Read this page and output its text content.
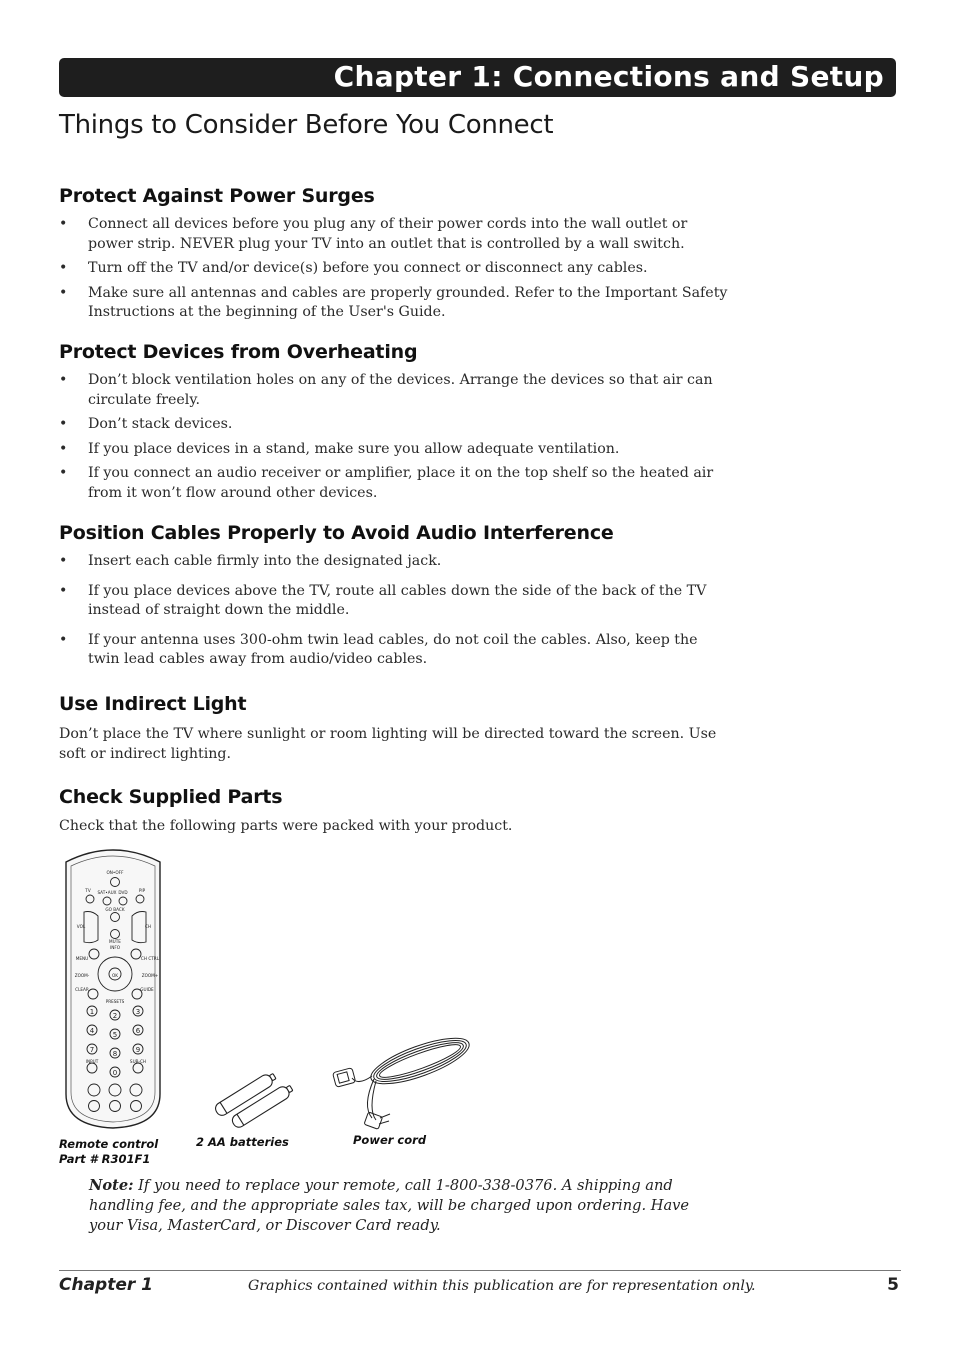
Chapter 1: Connections and Setup
Things to Consider Before You Connect
Protect Against Power Surges
• Connect all devices before you plug any of their power cords into the wall outlet or power strip. NEVER plug your TV into an outlet that is controlled by a wall switch.
• Turn off the TV and/or device(s) before you connect or disconnect any cables.
• Make sure all antennas and cables are properly grounded. Refer to the Important Safety Instructions at the beginning of the User's Guide.
Protect Devices from Overheating
• Don’t block ventilation holes on any of the devices. Arrange the devices so that air can circulate freely.
• Don’t stack devices.
• If you place devices in a stand, make sure you allow adequate ventilation.
• If you connect an audio receiver or amplifier, place it on the top shelf so the heated air from it won’t flow around other devices.
Position Cables Properly to Avoid Audio Interference
• Insert each cable firmly into the designated jack.
• If you place devices above the TV, route all cables down the side of the back of the TV instead of straight down the middle.
• If your antenna uses 300-ohm twin lead cables, do not coil the cables. Also, keep the twin lead cables away from audio/video cables.
Use Indirect Light

Don’t place the TV where sunlight or room lighting will be directed toward the screen. Use soft or indirect lighting.

Check Supplied Parts

Check that the following parts were packed with your product.

ON•OFF
TV SAT•AUX DVD	PIP
GO BACK
VOL	CH
MUTE
INFO
MENU	CH CTRL
ZOOM-	ZOOM+
OK
CLEAR	GUIDE
PRESETS
INPUT	SUB-CH
1	2	3
4	5	6
7	8	9
0
Remote control
Part # R301F1
2 AA batteries	Power cord
Note: If you need to replace your remote, call 1-800-338-0376. A shipping and handling fee, and the appropriate sales tax, will be charged upon ordering. Have your Visa, MasterCard, or Discover Card ready.
Chapter 1	Graphics contained within this publication are for representation only.	5
